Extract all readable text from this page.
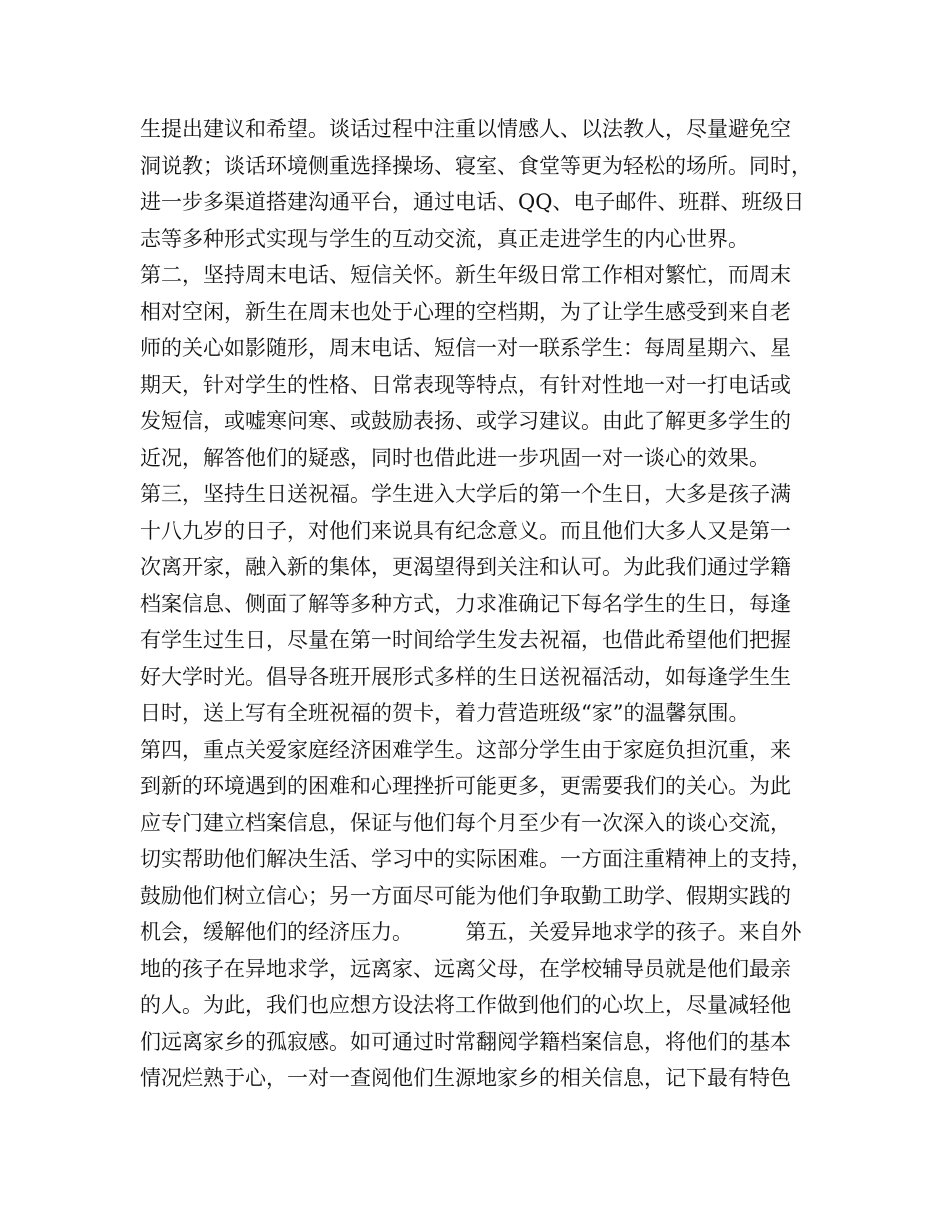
生提出建议和希望。谈话过程中注重以情感人、以法教人，尽量避免空
洞说教；谈话环境侧重选择操场、寝室、食堂等更为轻松的场所。同时，
进一步多渠道搭建沟通平台，通过电话、QQ、电子邮件、班群、班级日
志等多种形式实现与学生的互动交流，真正走进学生的内心世界。
第二，坚持周末电话、短信关怀。新生年级日常工作相对繁忙，而周末
相对空闲，新生在周末也处于心理的空档期，为了让学生感受到来自老
师的关心如影随形，周末电话、短信一对一联系学生：每周星期六、星
期天，针对学生的性格、日常表现等特点，有针对性地一对一打电话或
发短信，或嘘寒问寒、或鼓励表扬、或学习建议。由此了解更多学生的
近况，解答他们的疑惑，同时也借此进一步巩固一对一谈心的效果。
第三，坚持生日送祝福。学生进入大学后的第一个生日，大多是孩子满
十八九岁的日子，对他们来说具有纪念意义。而且他们大多人又是第一
次离开家，融入新的集体，更渴望得到关注和认可。为此我们通过学籍
档案信息、侧面了解等多种方式，力求准确记下每名学生的生日，每逢
有学生过生日，尽量在第一时间给学生发去祝福，也借此希望他们把握
好大学时光。倡导各班开展形式多样的生日送祝福活动，如每逢学生生
日时，送上写有全班祝福的贺卡，着力营造班级“家”的温馨氛围。
第四，重点关爱家庭经济困难学生。这部分学生由于家庭负担沉重，来
到新的环境遇到的困难和心理挫折可能更多，更需要我们的关心。为此
应专门建立档案信息，保证与他们每个月至少有一次深入的谈心交流，
切实帮助他们解决生活、学习中的实际困难。一方面注重精神上的支持，
鼓励他们树立信心；另一方面尽可能为他们争取勤工助学、假期实践的
机会，缓解他们的经济压力。　　　第五，关爱异地求学的孩子。来自外
地的孩子在异地求学，远离家、远离父母，在学校辅导员就是他们最亲
的人。为此，我们也应想方设法将工作做到他们的心坎上，尽量减轻他
们远离家乡的孤寂感。如可通过时常翻阅学籍档案信息，将他们的基本
情况烂熟于心，一对一查阅他们生源地家乡的相关信息，记下最有特色
